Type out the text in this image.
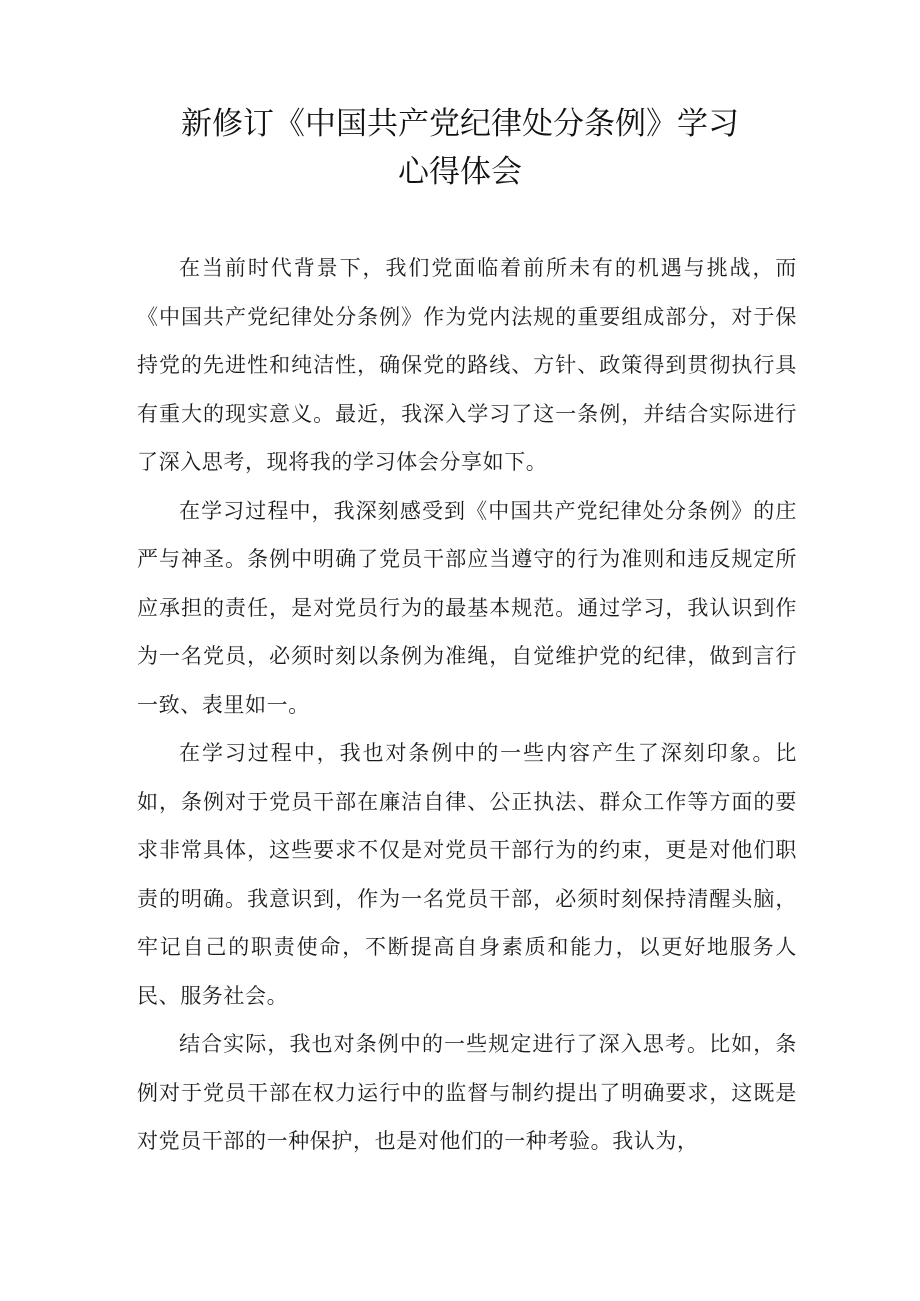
新修订《中国共产党纪律处分条例》学习
心得体会

在当前时代背景下，我们党面临着前所未有的机遇与挑战，而《中国共产党纪律处分条例》作为党内法规的重要组成部分，对于保持党的先进性和纯洁性，确保党的路线、方针、政策得到贯彻执行具有重大的现实意义。最近，我深入学习了这一条例，并结合实际进行了深入思考，现将我的学习体会分享如下。

在学习过程中，我深刻感受到《中国共产党纪律处分条例》的庄严与神圣。条例中明确了党员干部应当遵守的行为准则和违反规定所应承担的责任，是对党员行为的最基本规范。通过学习，我认识到作为一名党员，必须时刻以条例为准绳，自觉维护党的纪律，做到言行一致、表里如一。

在学习过程中，我也对条例中的一些内容产生了深刻印象。比如，条例对于党员干部在廉洁自律、公正执法、群众工作等方面的要求非常具体，这些要求不仅是对党员干部行为的约束，更是对他们职责的明确。我意识到，作为一名党员干部，必须时刻保持清醒头脑，牢记自己的职责使命，不断提高自身素质和能力，以更好地服务人民、服务社会。

结合实际，我也对条例中的一些规定进行了深入思考。比如，条例对于党员干部在权力运行中的监督与制约提出了明确要求，这既是对党员干部的一种保护，也是对他们的一种考验。我认为，
